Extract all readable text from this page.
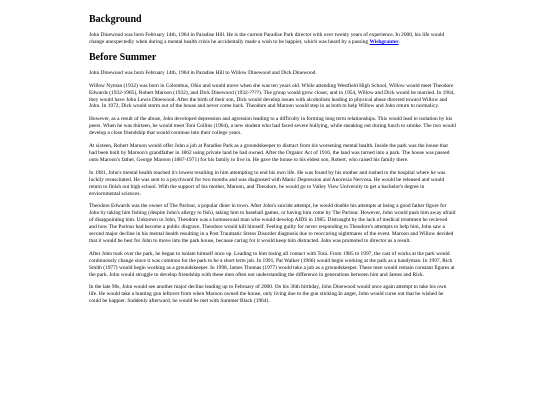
Background

John Dinewood was born February 14th, 1964 in Paradise Hill. He is the current Paradise Park director with over twenty years of experience. In 2000, his life would change unexpectedly when during a mental health crisis he accidentally made a wish to be happier, which was heard by a passing Wishgranter.

Before Summer

John Dinewood was born February 14th, 1964 in Paradise Hill to Willow Dinewood and Dick Dinewood.

Willow Nyman (1932) was born in Colombus, Ohio and would move when she was ten years old. While attending Westfield High School, Willow would meet Theodore Edwards (1932-1985), Robert Maroon (1932), and Dick Dinewood (1932-????). The group would grow closer, and in 1954, Willow and Dick would be married. In 1964, they would have John Lewis Dinewood. After the birth of their son, Dick would develop issues with alcoholism leading to physical abuse directed toward Willow and John. In 1972, Dick would storm out of the house and never come back. Theodore and Maroon would step in as both to help Willow and John return to normalicy.

However, as a result of the abuse, John developed depression and agression leading to a difficulty in forming long term relationships. This would lead to isolation by his peers. When he was thirteen, he would meet Toni Collins (1964), a new student who had faced severe bullying, while sneaking out during lunch to smoke. The two would develop a close friendship that would continue into their college years.

At sixteen, Robert Maroon would offer John a job at Paradise Park as a groundskeeper to distract from his worsening mental health. Inside the park was the house that had been built by Maroon's grandfather in 1862 using private land he had owned. After the Organic Act of 1916, the land was turned into a park. The house was passed onto Maroon's father, George Maroon (1887-1971) for his family to live in. He gave the house to his eldest son, Robert, who raised his family there.

In 1981, John's mental health reached it's lowest resulting in him attempting to end his own life. He was found by his mother and rushed to the hospital where he was luckily resuscitated. He was sent to a psychward for two months and was diagnosed with Manic Depression and Anorexia Nervosa. He would be released and would return to finish out high school. With the support of his mother, Maroon, and Theodore, he would go to Valley View University to get a bachelor's degree in enviornmental sciences.

Theodore Edwards was the owner of The Parlour, a popular diner in town. After John's suicide attempt, he would double his attempts at being a good father figure for John by taking him fishing (despite John's allergy to fish), taking him to baseball games, or having him come by The Parlour. However, John would push him away afraid of disappointing him. Unknown to John, Theodore was a homosexual man who would develop AIDS in 1985. Distraught by the lack of medical treatment he recieved and how The Parlour had become a public disgrace, Theodore would kill himself. Feeling guilty for never responding to Theodore's attempts to help him, John saw a second major decline in his mental health resulting in a Post Traumatic Stress Disorder diagnosis due to reoccuring nightmares of the event. Maroon and Willow decided that it would be best for John to move into the park house, because caring for it would keep him distracted. John was promoted to director as a result.

After John took over the park, he began to isolate himself once up. Leading to him losing all contact with Toni. From 1985 to 1997, the cast of works at the park would continuously change since it was common for the park to be a short term job. In 1991, Pat Walker (1966) would begin working at the park as a handyman. In 1997, Rick Smith (1977) would begin working as a groundskeeper. In 1998, James Thomas (1977) would take a job as a groundskeeper. These men would remain constant figures at the park. John would struggle to develop friendship with these men often not understanding the difference in generations between him and James and Rick.

In the late 90s, John would see another major decline leading up to February of 2000. On his 36th birthday, John Dinewood would once again attempt to take his own life. He would take a hunting gun leftover from when Maroon owned the house, only living due to the gun sticking.In anger, John would curse out that he wished he could be happier. Suddenly afterward, he would be met with Summer Black (1964).
